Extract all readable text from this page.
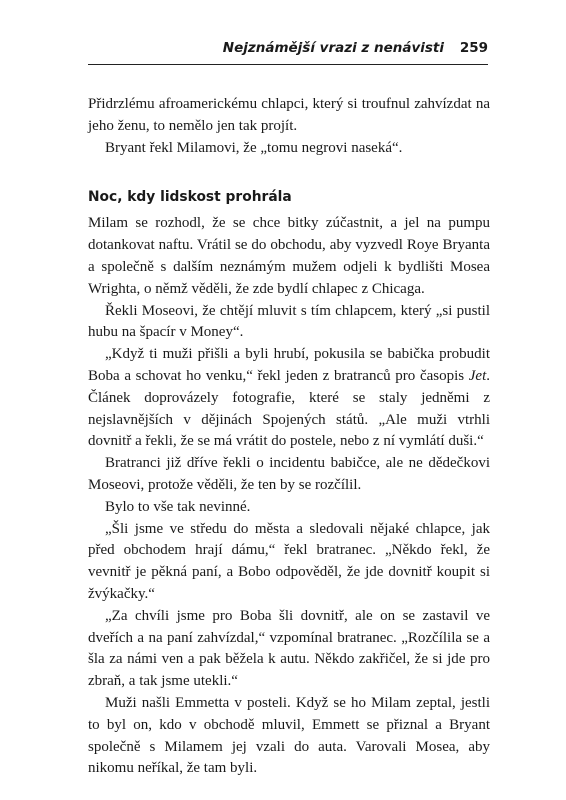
Nejznámější vrazi z nenávisti 259

Přidrzlému afroamerickému chlapci, který si troufnul zahvízdat na jeho ženu, to nemělo jen tak projít.

Bryant řekl Milamovi, že „tomu negrovi naseká“.

Noc, kdy lidskost prohrála

Milam se rozhodl, že se chce bitky zúčastnit, a jel na pumpu dotankovat naftu. Vrátil se do obchodu, aby vyzvedl Roye Bryanta a společně s dalším neznámým mužem odjeli k bydlišti Mosea Wrighta, o němž věděli, že zde bydlí chlapec z Chicaga.

Řekli Moseovi, že chtějí mluvit s tím chlapcem, který „si pustil hubu na špacír v Money“.

„Když ti muži přišli a byli hrubí, pokusila se babička probudit Boba a schovat ho venku,“ řekl jeden z bratranců pro časopis Jet. Článek doprovázely fotografie, které se staly jedněmi z nejslavnějších v dějinách Spojených států. „Ale muži vtrhli dovnitř a řekli, že se má vrátit do postele, nebo z ní vymlátí duši.“

Bratranci již dříve řekli o incidentu babičce, ale ne dědečkovi Moseovi, protože věděli, že ten by se rozčílil.

Bylo to vše tak nevinné.

„Šli jsme ve středu do města a sledovali nějaké chlapce, jak před obchodem hrají dámu,“ řekl bratranec. „Někdo řekl, že vevnitř je pěkná paní, a Bobo odpověděl, že jde dovnitř koupit si žvýkačky.“

„Za chvíli jsme pro Boba šli dovnitř, ale on se zastavil ve dveřích a na paní zahvízdal,“ vzpomínal bratranec. „Rozčílila se a šla za námi ven a pak běžela k autu. Někdo zakřičel, že si jde pro zbraň, a tak jsme utekli.“

Muži našli Emmetta v posteli. Když se ho Milam zeptal, jestli to byl on, kdo v obchodě mluvil, Emmett se přiznal a Bryant společně s Milamem jej vzali do auta. Varovali Mosea, aby nikomu neříkal, že tam byli.
